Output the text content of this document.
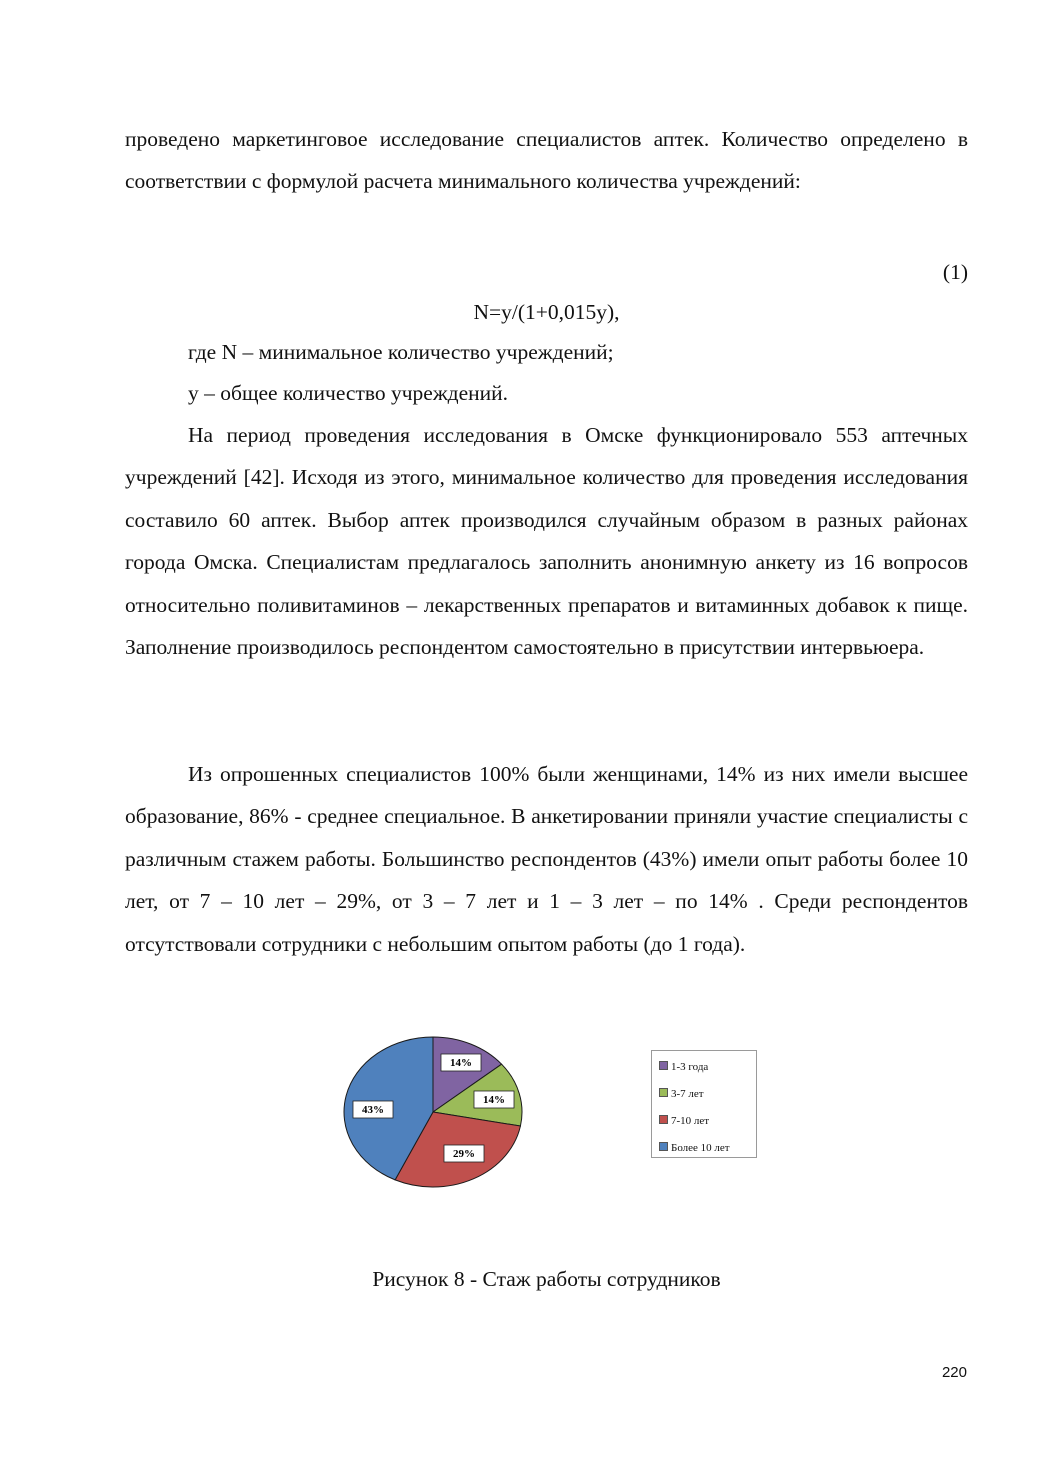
проведено маркетинговое исследование специалистов аптек. Количество определено в соответствии с формулой расчета минимального количества учреждений:

(1)
N=y/(1+0,015y),
где N – минимальное количество учреждений;
y – общее количество учреждений.

На период проведения исследования в Омске функционировало 553 аптечных учреждений [42]. Исходя из этого, минимальное количество для проведения исследования составило 60 аптек. Выбор аптек производился случайным образом в разных районах города Омска. Специалистам предлагалось заполнить анонимную анкету из 16 вопросов относительно поливитаминов – лекарственных препаратов и витаминных добавок к пище. Заполнение производилось респондентом самостоятельно в присутствии интервьюера.

Из опрошенных специалистов 100% были женщинами, 14% из них имели высшее образование, 86% - среднее специальное. В анкетировании приняли участие специалисты с различным стажем работы. Большинство респондентов (43%) имели опыт работы более 10 лет, от 7 – 10 лет – 29%, от 3 – 7 лет и 1 – 3 лет – по 14% . Среди респондентов отсутствовали сотрудники с небольшим опытом работы (до 1 года).

14%
14%
29%
43%
1-3 года
3-7 лет
7-10 лет
Более 10 лет
Рисунок 8 - Стаж работы сотрудников
220
